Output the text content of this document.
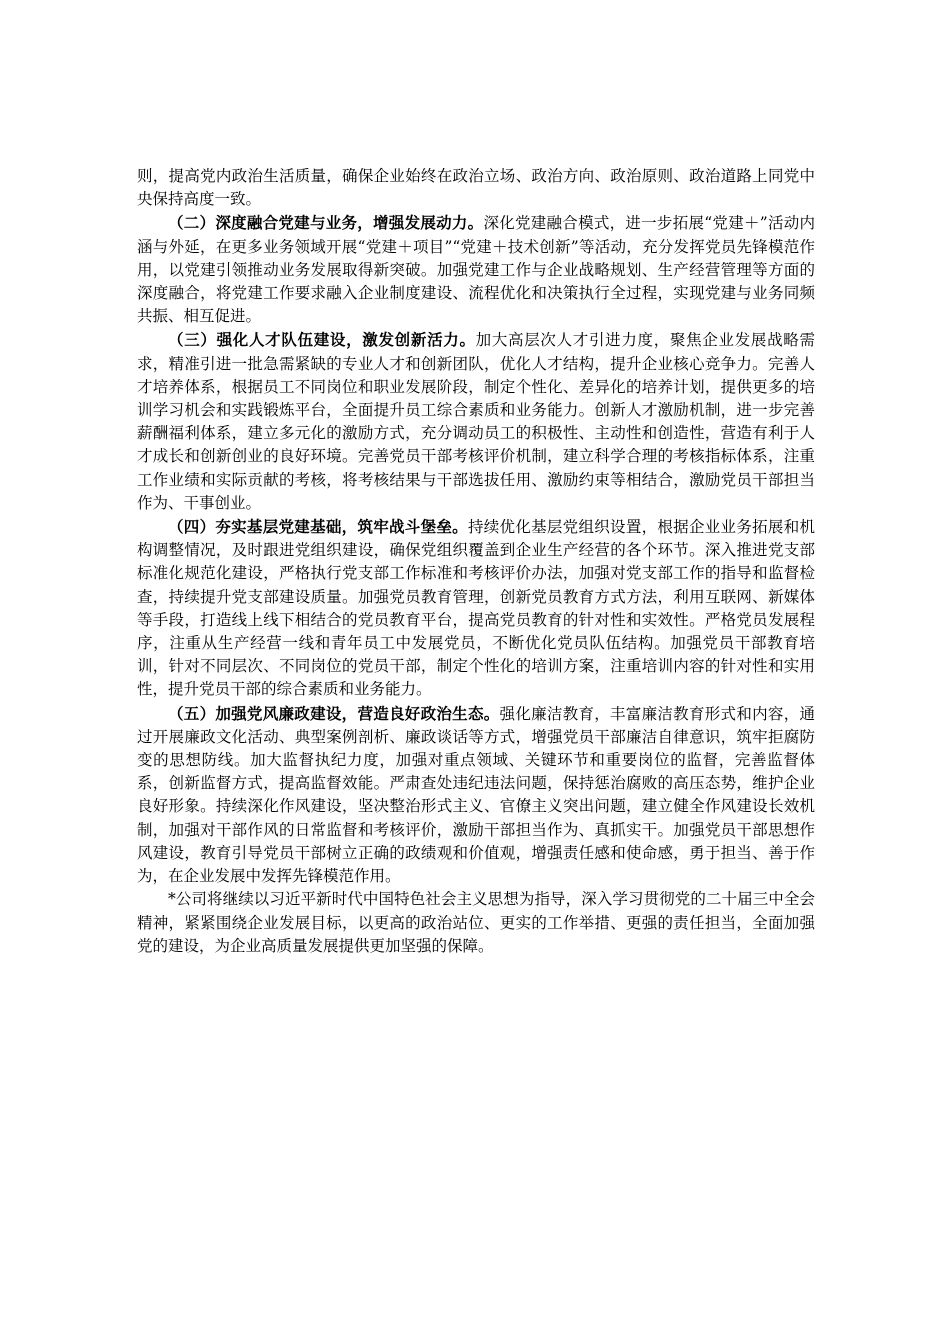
则，提高党内政治生活质量，确保企业始终在政治立场、政治方向、政治原则、政治道路上同党中央保持高度一致。

（二）深度融合党建与业务，增强发展动力。深化党建融合模式，进一步拓展“党建＋”活动内涵与外延，在更多业务领域开展“党建＋项目”“党建＋技术创新”等活动，充分发挥党员先锋模范作用，以党建引领推动业务发展取得新突破。加强党建工作与企业战略规划、生产经营管理等方面的深度融合，将党建工作要求融入企业制度建设、流程优化和决策执行全过程，实现党建与业务同频共振、相互促进。

（三）强化人才队伍建设，激发创新活力。加大高层次人才引进力度，聚焦企业发展战略需求，精准引进一批急需紧缺的专业人才和创新团队，优化人才结构，提升企业核心竞争力。完善人才培养体系，根据员工不同岗位和职业发展阶段，制定个性化、差异化的培养计划，提供更多的培训学习机会和实践锻炼平台，全面提升员工综合素质和业务能力。创新人才激励机制，进一步完善薪酬福利体系，建立多元化的激励方式，充分调动员工的积极性、主动性和创造性，营造有利于人才成长和创新创业的良好环境。完善党员干部考核评价机制，建立科学合理的考核指标体系，注重工作业绩和实际贡献的考核，将考核结果与干部选拔任用、激励约束等相结合，激励党员干部担当作为、干事创业。

（四）夯实基层党建基础，筑牢战斗堡垒。持续优化基层党组织设置，根据企业业务拓展和机构调整情况，及时跟进党组织建设，确保党组织覆盖到企业生产经营的各个环节。深入推进党支部标准化规范化建设，严格执行党支部工作标准和考核评价办法，加强对党支部工作的指导和监督检查，持续提升党支部建设质量。加强党员教育管理，创新党员教育方式方法，利用互联网、新媒体等手段，打造线上线下相结合的党员教育平台，提高党员教育的针对性和实效性。严格党员发展程序，注重从生产经营一线和青年员工中发展党员，不断优化党员队伍结构。加强党员干部教育培训，针对不同层次、不同岗位的党员干部，制定个性化的培训方案，注重培训内容的针对性和实用性，提升党员干部的综合素质和业务能力。

（五）加强党风廉政建设，营造良好政治生态。强化廉洁教育，丰富廉洁教育形式和内容，通过开展廉政文化活动、典型案例剖析、廉政谈话等方式，增强党员干部廉洁自律意识，筑牢拒腐防变的思想防线。加大监督执纪力度，加强对重点领域、关键环节和重要岗位的监督，完善监督体系，创新监督方式，提高监督效能。严肃查处违纪违法问题，保持惩治腐败的高压态势，维护企业良好形象。持续深化作风建设，坚决整治形式主义、官僚主义突出问题，建立健全作风建设长效机制，加强对干部作风的日常监督和考核评价，激励干部担当作为、真抓实干。加强党员干部思想作风建设，教育引导党员干部树立正确的政绩观和价值观，增强责任感和使命感，勇于担当、善于作为，在企业发展中发挥先锋模范作用。

*公司将继续以习近平新时代中国特色社会主义思想为指导，深入学习贯彻党的二十届三中全会精神，紧紧围绕企业发展目标，以更高的政治站位、更实的工作举措、更强的责任担当，全面加强党的建设，为企业高质量发展提供更加坚强的保障。
